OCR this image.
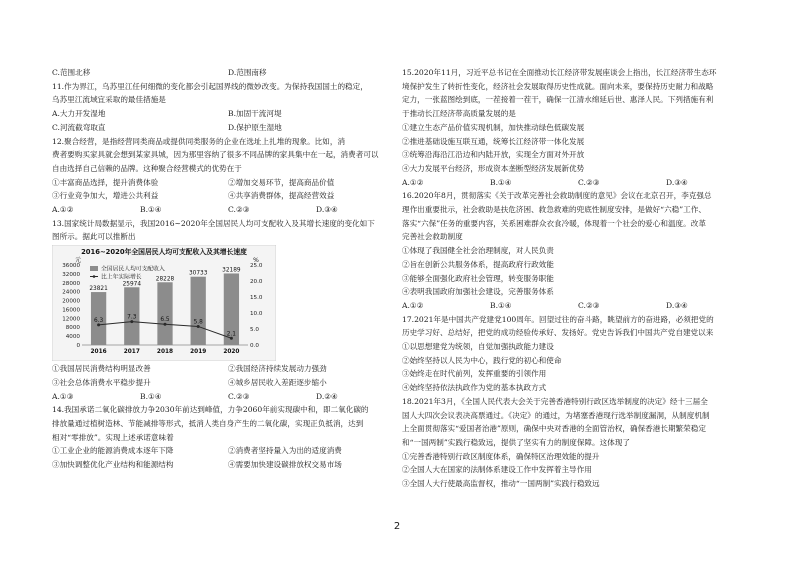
C.范围北移	D.范围南移
11.作为界江，乌苏里江任何细微的变化都会引起国界线的微妙改变。为保持我国国土的稳定，
乌苏里江流域宜采取的最佳措施是
A.大力开发湿地	B.加固干流河堤
C.河流截弯取直	D.保护原生湿地
12.聚合经营，是指经营同类商品或提供同类服务的企业在选址上扎堆的现象。比如，消
费者要购买家具就会想到某家具城，因为那里容纳了很多不同品牌的家具集中在一起，消费者可以
自由选择自己信赖的品牌。这种聚合经营模式的优势在于
①丰富商品选择，提升消费体验	②增加交易环节，提高商品价值
③行业竞争加大，增进公共利益	④共享消费群体，提高经营效益
A.①②	B.①④	C.②③	D.③④
13.国家统计局数据显示，我国2016~2020年全国居民人均可支配收入及其增长速度的变化如下
图所示。据此可以推断出
2016~2020年全国居民人均可支配收入及其增长速度
元	%
0
4000
8000
12000
16000
20000
24000
28000
32000
36000
0.0
5.0
10.0
15.0
20.0
25.0
23821
25974
28228
30733
32189
6.3
7.3	6.5	5.8
2.1
2016	2017	2018	2019	2020
全国居民人均可支配收入
比上年实际增长
①我国居民消费结构明显改善	②我国经济持续发展动力强劲
③社会总体消费水平稳步提升	④城乡居民收入差距逐步缩小
A.①③	B.①④	C.②③	D.②④
14.我国承诺二氧化碳排放力争2030年前达到峰值，力争2060年前实现碳中和，即二氧化碳的
排放量通过植树造林、节能减排等形式，抵消人类自身产生的二氧化碳，实现正负抵消，达到
相对“零排放”。实现上述承诺意味着
①工业企业的能源消费成本逐年下降	②消费者坚持量入为出的适度消费
③加快调整优化产业结构和能源结构	④需要加快建设碳排放权交易市场
15.2020年11月，习近平总书记在全面推动长江经济带发展座谈会上指出，长江经济带生态环
境保护发生了转折性变化，经济社会发展取得历史性成就。面向未来，要保持历史耐力和战略
定力，一张蓝图绘到底，一茬接着一茬干，确保一江清水绵延后世、惠泽人民。下列措施有利
于推动长江经济带高质量发展的是
①建立生态产品价值实现机制，加快推动绿色低碳发展
②推进基础设施互联互通，统筹长江经济带一体化发展
③统筹沿海沿江沿边和内陆开放，实现全方面对外开放
④大力发展平台经济，形成资本垄断型经济发展新优势
A.①②	B.①④	C.②③	D.③④
16.2020年8月，贯彻落实《关于改革完善社会救助制度的意见》会议在北京召开，李克强总
理作出重要批示，社会救助是扶危济困、救急救难的兜底性制度安排，是做好“六稳”工作、
落实“六保”任务的重要内容，关系困难群众衣食冷暖，体现着一个社会的爱心和温度。改革
完善社会救助制度
①体现了我国健全社会治理制度，对人民负责
②旨在创新公共服务体系，提高政府行政效能
③能够全面强化政府社会管理，转变服务职能
④表明我国政府加强社会建设，完善服务体系
A.①②	B.①④	C.②③	D.③④
17.2021年是中国共产党建党100周年。回望过往的奋斗路，眺望前方的奋进路，必须把党的
历史学习好、总结好，把党的成功经验传承好、发扬好。党史告诉我们中国共产党自建党以来
①以思想建党为统领，自觉加强执政能力建设
②始终坚持以人民为中心，践行党的初心和使命
③始终走在时代前列，发挥重要的引领作用
④始终坚持依法执政作为党的基本执政方式
18.2021年3月，《全国人民代表大会关于完善香港特别行政区选举制度的决定》经十三届全
国人大四次会议表决高票通过。《决定》的通过，为堵塞香港现行选举制度漏洞，从制度机制
上全面贯彻落实“爱国者治港”原则，确保中央对香港的全面管治权，确保香港长期繁荣稳定
和“一国两制”实践行稳致远，提供了坚实有力的制度保障。这体现了
①完善香港特别行政区制度体系，确保特区治理效能的提升
②全国人大在国家的法制体系建设工作中发挥着主导作用
③全国人大行使最高监督权，推动“一国两制”实践行稳致远
2
